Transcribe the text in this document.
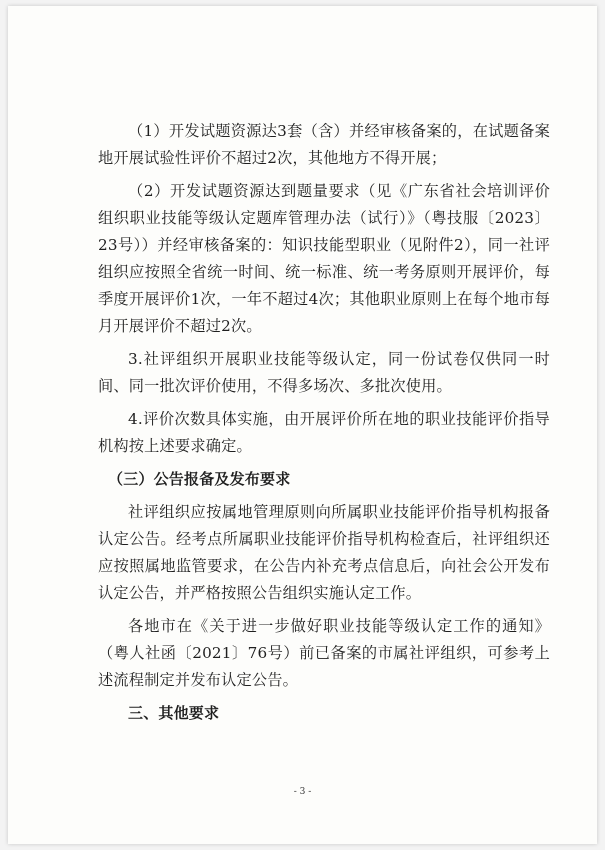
（1）开发试题资源达3套（含）并经审核备案的，在试题备案地开展试验性评价不超过2次，其他地方不得开展；

（2）开发试题资源达到题量要求（见《广东省社会培训评价组织职业技能等级认定题库管理办法（试行）》（粤技服〔2023〕23号））并经审核备案的：知识技能型职业（见附件2），同一社评组织应按照全省统一时间、统一标准、统一考务原则开展评价，每季度开展评价1次，一年不超过4次；其他职业原则上在每个地市每月开展评价不超过2次。

3.社评组织开展职业技能等级认定，同一份试卷仅供同一时间、同一批次评价使用，不得多场次、多批次使用。

4.评价次数具体实施，由开展评价所在地的职业技能评价指导机构按上述要求确定。

（三）公告报备及发布要求

社评组织应按属地管理原则向所属职业技能评价指导机构报备认定公告。经考点所属职业技能评价指导机构检查后，社评组织还应按照属地监管要求，在公告内补充考点信息后，向社会公开发布认定公告，并严格按照公告组织实施认定工作。

各地市在《关于进一步做好职业技能等级认定工作的通知》（粤人社函〔2021〕76号）前已备案的市属社评组织，可参考上述流程制定并发布认定公告。

三、其他要求
- 3 -
